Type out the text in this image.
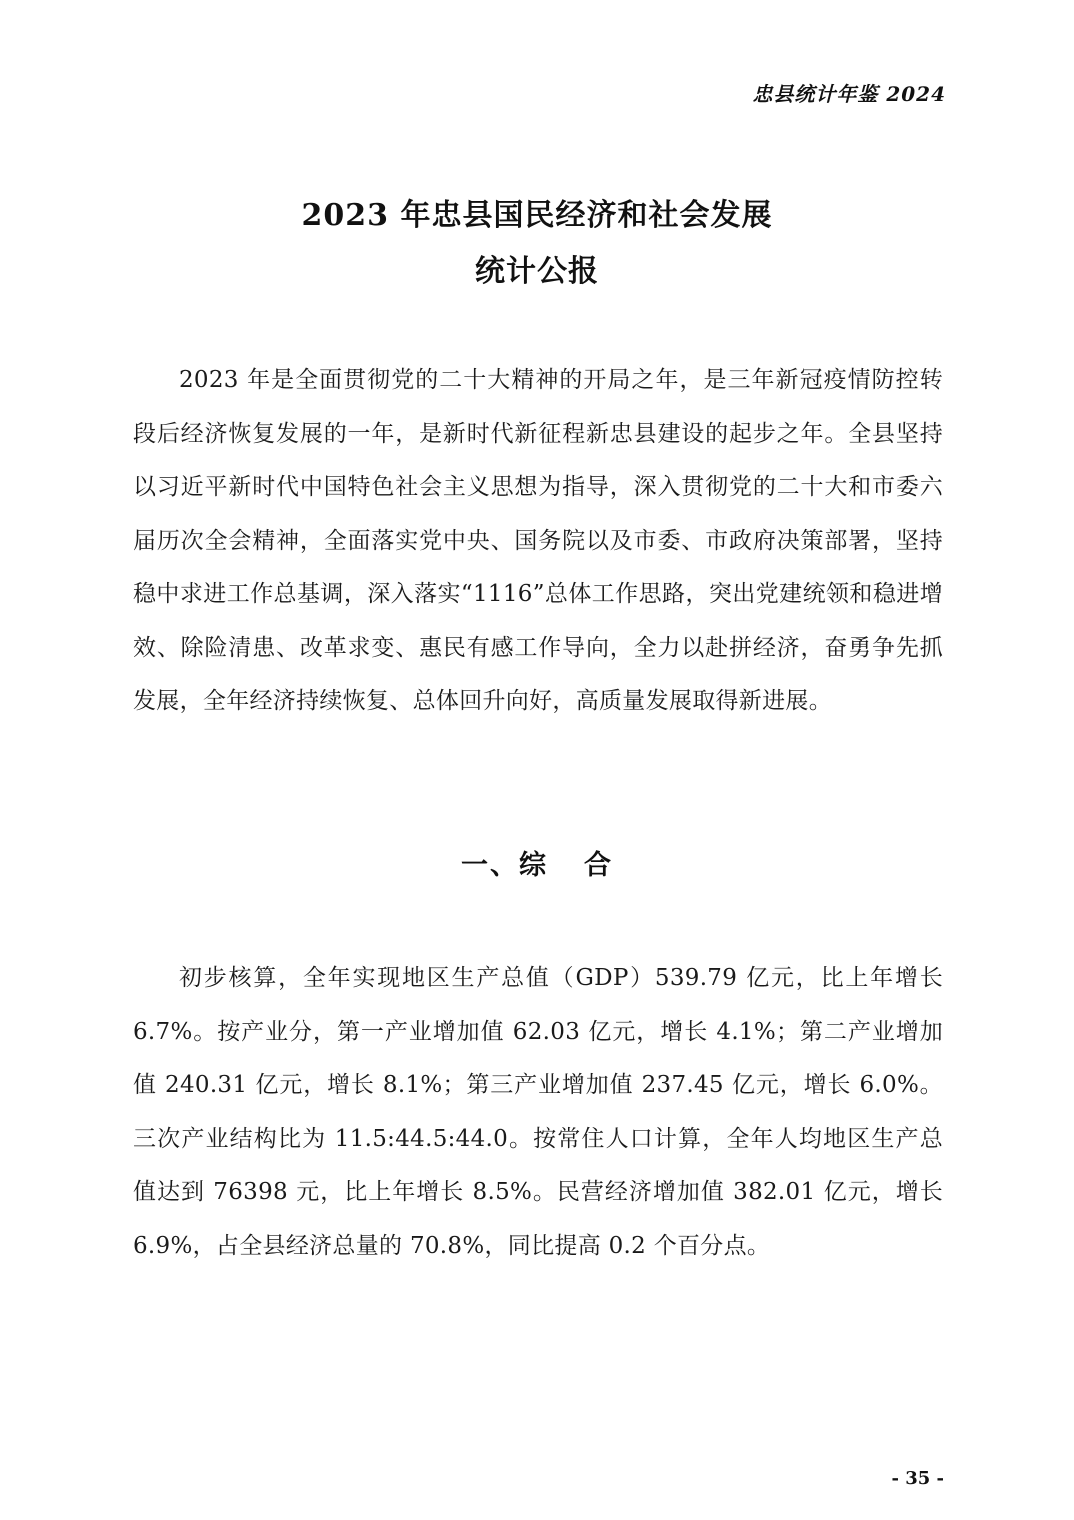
忠县统计年鉴 2024
2023 年忠县国民经济和社会发展
统计公报

2023 年是全面贯彻党的二十大精神的开局之年，是三年新冠疫情防控转段后经济恢复发展的一年，是新时代新征程新忠县建设的起步之年。全县坚持以习近平新时代中国特色社会主义思想为指导，深入贯彻党的二十大和市委六届历次全会精神，全面落实党中央、国务院以及市委、市政府决策部署，坚持稳中求进工作总基调，深入落实“1116”总体工作思路，突出党建统领和稳进增效、除险清患、改革求变、惠民有感工作导向，全力以赴拼经济，奋勇争先抓发展，全年经济持续恢复、总体回升向好，高质量发展取得新进展。

一、综 合

初步核算，全年实现地区生产总值（GDP）539.79 亿元，比上年增长 6.7%。按产业分，第一产业增加值 62.03 亿元，增长 4.1%；第二产业增加值 240.31 亿元，增长 8.1%；第三产业增加值 237.45 亿元，增长 6.0%。三次产业结构比为 11.5:44.5:44.0。按常住人口计算，全年人均地区生产总值达到 76398 元，比上年增长 8.5%。民营经济增加值 382.01 亿元，增长 6.9%，占全县经济总量的 70.8%，同比提高 0.2 个百分点。

- 35 -
